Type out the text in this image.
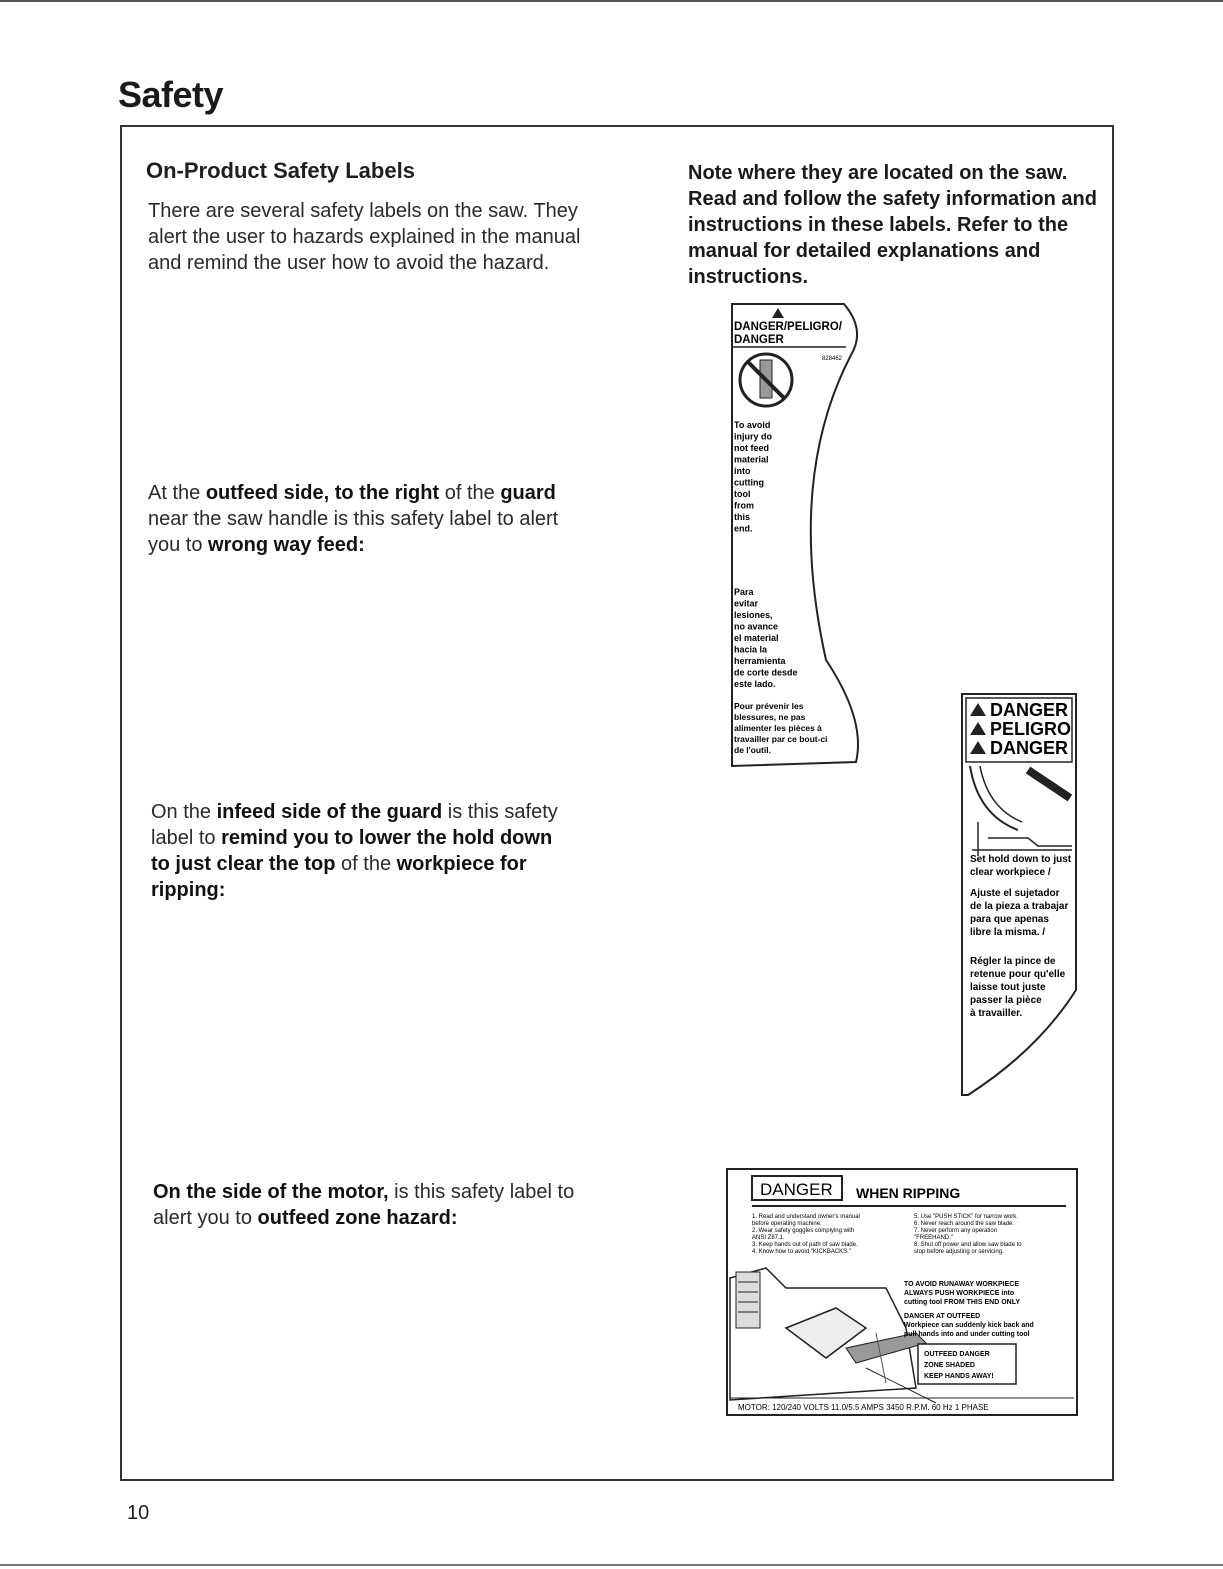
Safety
On-Product Safety Labels
There are several safety labels on the saw. They alert the user to hazards explained in the manual and remind the user how to avoid the hazard.
Note where they are located on the saw. Read and follow the safety information and instructions in these labels. Refer to the manual for detailed explanations and instructions.
At the outfeed side, to the right of the guard near the saw handle is this safety label to alert you to wrong way feed:
On the infeed side of the guard is this safety label to remind you to lower the hold down to just clear the top of the workpiece for ripping:
On the side of the motor, is this safety label to alert you to outfeed zone hazard:
DANGER/PELIGRO/
DANGER
828462
To avoid
injury do
not feed
material
into
cutting
tool
from
this
end.
Para
evitar
lesiones,
no avance
el material
hacia la
herramienta
de corte desde
este lado.
Pour prévenir les
blessures, ne pas
alimenter les pièces à
travailler par ce bout-ci
de l'outil.
DANGER
PELIGRO
DANGER
Set hold down to just
clear workpiece /
Ajuste el sujetador
de la pieza a trabajar
para que apenas
libre la misma. /
Régler la pince de
retenue pour qu'elle
laisse tout juste
passer la pièce
à travailler.
DANGER WHEN RIPPING
1. Read and understand owner's manual
before operating machine.
2. Wear safety goggles complying with
ANSI Z87.1.
3. Keep hands out of path of saw blade.
4. Know how to avoid "KICKBACKS."
5. Use "PUSH STICK" for narrow work.
6. Never reach around the saw blade.
7. Never perform any operation
"FREEHAND."
8. Shut off power and allow saw blade to
stop before adjusting or servicing.
TO AVOID RUNAWAY WORKPIECE
ALWAYS PUSH WORKPIECE into
cutting tool FROM THIS END ONLY
DANGER AT OUTFEED
Workpiece can suddenly kick back and
pull hands into and under cutting tool
OUTFEED DANGER
ZONE SHADED
KEEP HANDS AWAY!
MOTOR: 120/240 VOLTS 11.0/5.5 AMPS 3450 R.P.M. 60 Hz 1 PHASE
10
